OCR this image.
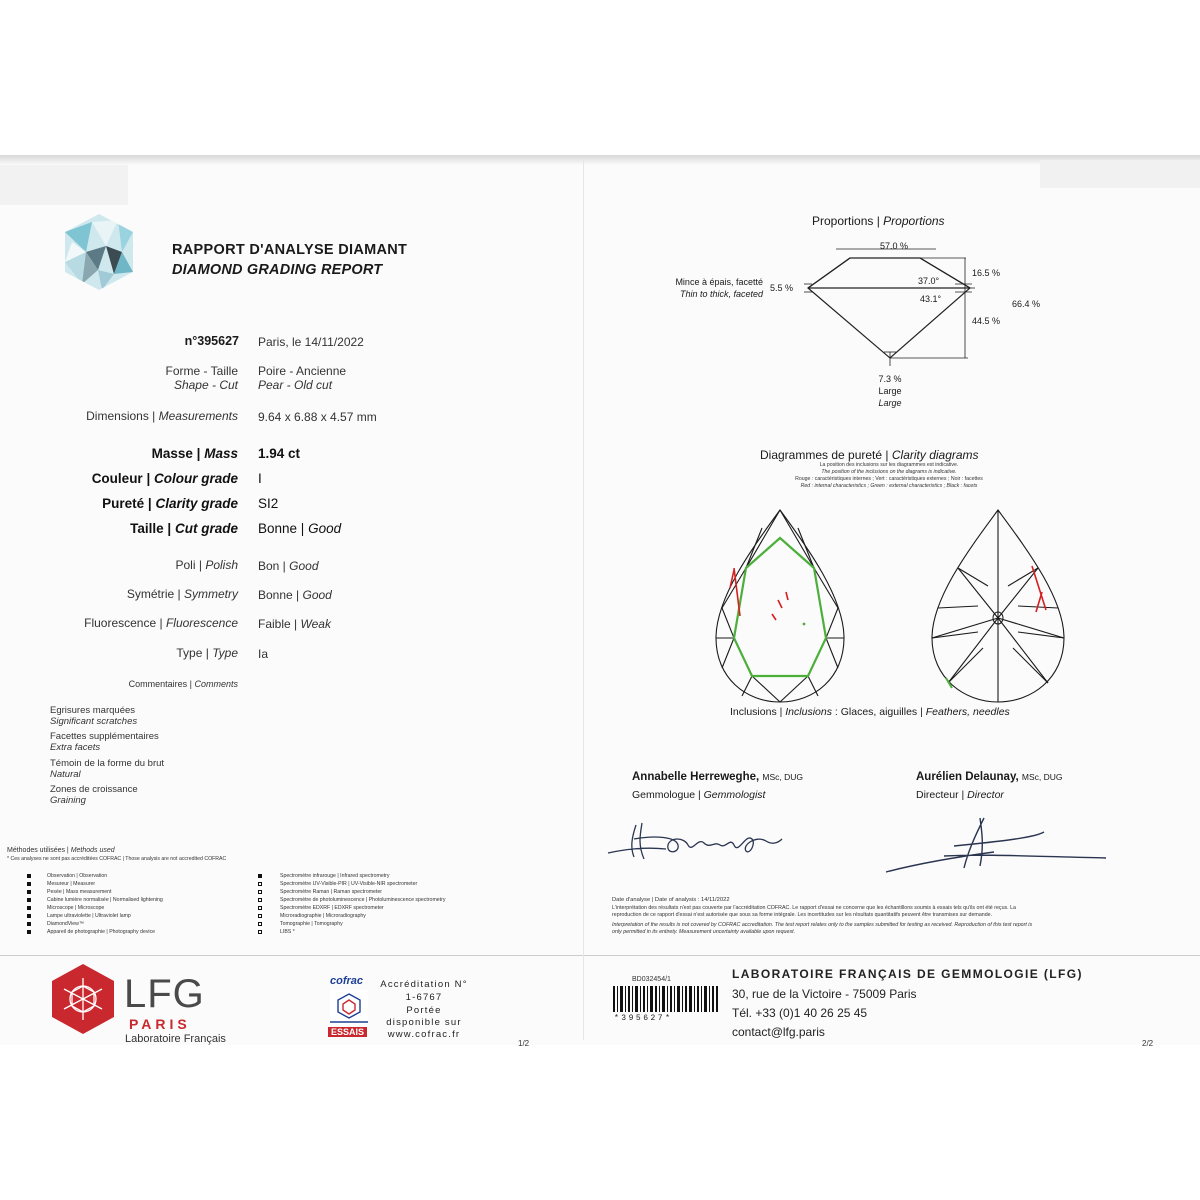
RAPPORT D'ANALYSE DIAMANT
DIAMOND GRADING REPORT
n°395627 Paris, le 14/11/2022
Forme - Taille
Shape - Cut
Poire - Ancienne
Pear - Old cut
Dimensions | Measurements 9.64 x 6.88 x 4.57 mm
Masse | Mass 1.94 ct
Couleur | Colour grade I
Pureté | Clarity grade SI2
Taille | Cut grade Bonne | Good
Poli | Polish Bon | Good
Symétrie | Symmetry Bonne | Good
Fluorescence | Fluorescence Faible | Weak
Type | Type Ia
Commentaires | Comments
Egrisures marquées
Significant scratches
Facettes supplémentaires
Extra facets
Témoin de la forme du brut
Natural
Zones de croissance
Graining
Méthodes utilisées | Methods used
* Ces analyses ne sont pas accréditées COFRAC | Those analysis are not accredited COFRAC
Observation | Observation
Mesureur | Measurer
Pesée | Mass measurement
Cabine lumière normalisée | Normalised lightening
Microscope | Microscope
Lampe ultraviolette | Ultraviolet lamp
DiamondView™
Appareil de photographie | Photography device
Spectromètre infrarouge | Infrared spectrometry
Spectromètre UV-Visible-PIR | UV-Visible-NIR spectrometer
Spectromètre Raman | Raman spectrometer
Spectromètre de photoluminescence | Photoluminescence spectrometry
Spectromètre EDXRF | EDXRF spectrometer
Microradiographie | Microradiography
Tomographie | Tomography
LIBS *
Proportions | Proportions
57.0 %
37.0°
43.1°
16.5 %
44.5 %
66.4 %
5.5 %
Mince à épais, facetté
Thin to thick, faceted
7.3 %
Large
Large
Diagrammes de pureté | Clarity diagrams
La position des inclusions sur les diagrammes est indicative.
The position of the inclusions on the diagrams is indicative.
Rouge : caractéristiques internes ; Vert : caractéristiques externes ; Noir : facettes
Red : internal characteristics ; Green : external characteristics ; Black : facets
Inclusions | Inclusions : Glaces, aiguilles | Feathers, needles
Annabelle Herreweghe, MSc, DUG
Gemmologue | Gemmologist
Aurélien Delaunay, MSc, DUG
Directeur | Director
Date d'analyse | Date of analysis : 14/11/2022
L'interprétation des résultats n'est pas couverte par l'accréditation COFRAC. Le rapport d'essai ne concerne que les échantillons soumis à essais tels qu'ils ont été reçus. La
reproduction de ce rapport d'essai n'est autorisée que sous sa forme intégrale. Les incertitudes sur les résultats quantitatifs peuvent être transmises sur demande.
Interpretation of the results is not covered by COFRAC accreditation. The test report relates only to the samples submitted for testing as received. Reproduction of this test report is
only permitted in its entirety. Measurement uncertainty available upon request.
LFG
PARIS
Laboratoire Français
cofrac
ESSAIS
Accréditation N°
1-6767
Portée
disponible sur
www.cofrac.fr
1/2
BD032454/1
*395627*
LABORATOIRE FRANÇAIS DE GEMMOLOGIE (LFG)
30, rue de la Victoire - 75009 Paris
Tél. +33 (0)1 40 26 25 45
contact@lfg.paris
2/2
